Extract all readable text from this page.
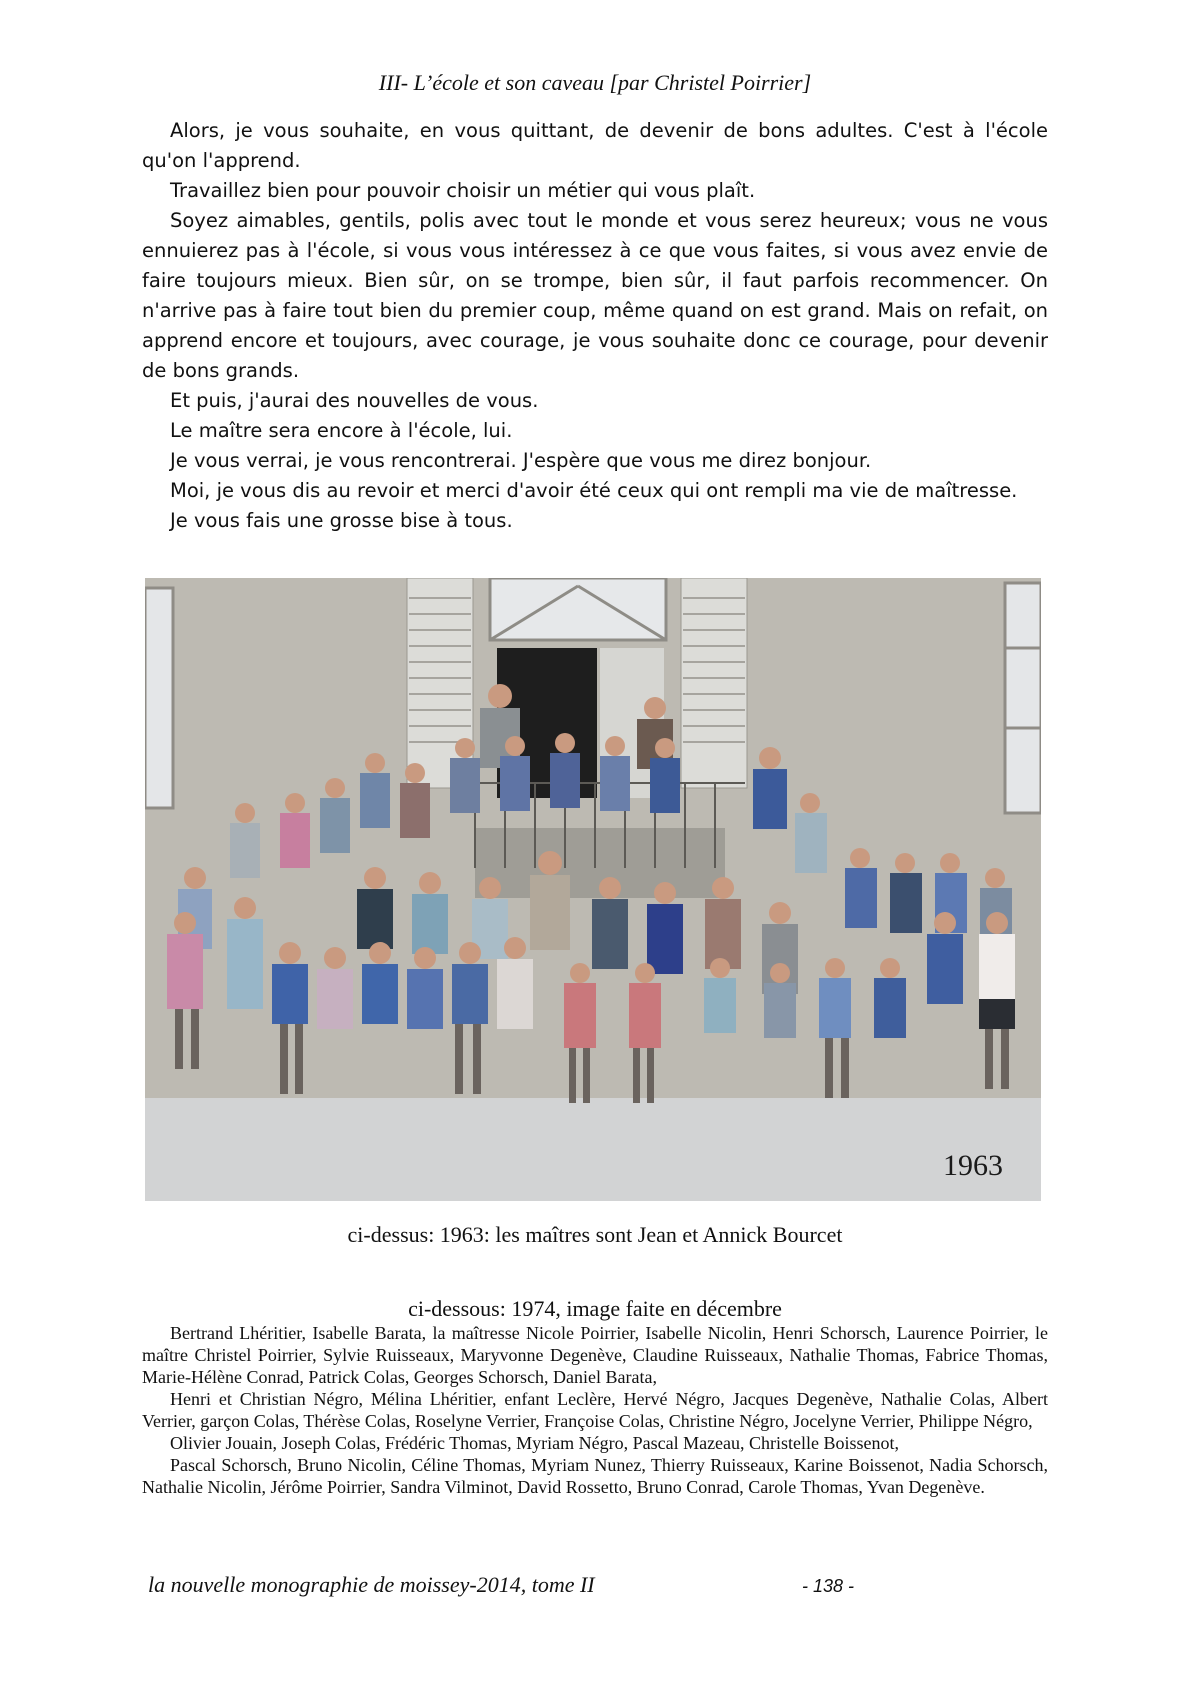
III- L’école et son caveau [par Christel Poirrier]

Alors, je vous souhaite, en vous quittant, de devenir de bons adultes. C'est à l'école qu'on l'apprend.

Travaillez bien pour pouvoir choisir un métier qui vous plaît.

Soyez aimables, gentils, polis avec tout le monde et vous serez heureux; vous ne vous ennuierez pas à l'école, si vous vous intéressez à ce que vous faites, si vous avez envie de faire toujours mieux. Bien sûr, on se trompe, bien sûr, il faut parfois recommencer. On n'arrive pas à faire tout bien du premier coup, même quand on est grand. Mais on refait, on apprend encore et toujours, avec courage, je vous souhaite donc ce courage, pour devenir de bons grands.

Et puis, j'aurai des nouvelles de vous.

Le maître sera encore à l'école, lui.

Je vous verrai, je vous rencontrerai. J'espère que vous me direz bonjour.

Moi, je vous dis au revoir et merci d'avoir été ceux qui ont rempli ma vie de maîtresse.

Je vous fais une grosse bise à tous.

1963
ci-dessus: 1963: les maîtres sont Jean et Annick Bourcet
ci-dessous: 1974, image faite en décembre

Bertrand Lhéritier, Isabelle Barata, la maîtresse Nicole Poirrier, Isabelle Nicolin, Henri Schorsch, Laurence Poirrier, le maître Christel Poirrier, Sylvie Ruisseaux, Maryvonne Degenève, Claudine Ruisseaux, Nathalie Thomas, Fabrice Thomas, Marie-Hélène Conrad, Patrick Colas, Georges Schorsch, Daniel Barata,

Henri et Christian Négro, Mélina Lhéritier, enfant Leclère, Hervé Négro, Jacques Degenève, Nathalie Colas, Albert Verrier, garçon Colas, Thérèse Colas, Roselyne Verrier, Françoise Colas, Christine Négro, Jocelyne Verrier, Philippe Négro,

Olivier Jouain, Joseph Colas, Frédéric Thomas, Myriam Négro, Pascal Mazeau, Christelle Boissenot,

Pascal Schorsch, Bruno Nicolin, Céline Thomas, Myriam Nunez, Thierry Ruisseaux, Karine Boissenot, Nadia Schorsch, Nathalie Nicolin, Jérôme Poirrier, Sandra Vilminot, David Rossetto, Bruno Conrad, Carole Thomas, Yvan Degenève.

la nouvelle monographie de moissey-2014, tome II	- 138 -
